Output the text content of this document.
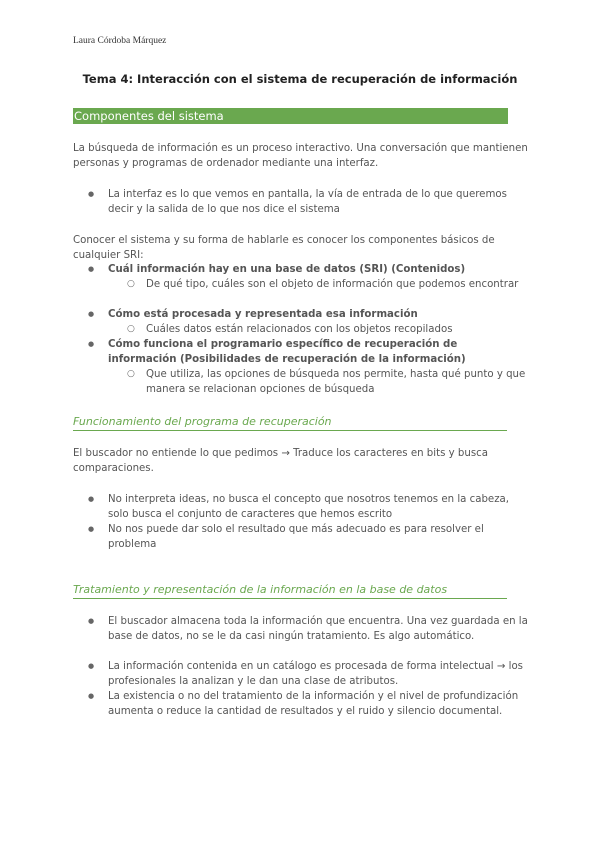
Laura Córdoba Márquez
Tema 4: Interacción con el sistema de recuperación de información
Componentes del sistema
La búsqueda de información es un proceso interactivo. Una conversación que mantienen personas y programas de ordenador mediante una interfaz.
● La interfaz es lo que vemos en pantalla, la vía de entrada de lo que queremos decir y la salida de lo que nos dice el sistema
Conocer el sistema y su forma de hablarle es conocer los componentes básicos de cualquier SRI:
● Cuál información hay en una base de datos (SRI) (Contenidos)
○ De qué tipo, cuáles son el objeto de información que podemos encontrar
● Cómo está procesada y representada esa información
○ Cuáles datos están relacionados con los objetos recopilados
● Cómo funciona el programario específico de recuperación de información (Posibilidades de recuperación de la información)
○ Que utiliza, las opciones de búsqueda nos permite, hasta qué punto y que manera se relacionan opciones de búsqueda
Funcionamiento del programa de recuperación
El buscador no entiende lo que pedimos → Traduce los caracteres en bits y busca comparaciones.
● No interpreta ideas, no busca el concepto que nosotros tenemos en la cabeza, solo busca el conjunto de caracteres que hemos escrito
● No nos puede dar solo el resultado que más adecuado es para resolver el problema
Tratamiento y representación de la información en la base de datos
● El buscador almacena toda la información que encuentra. Una vez guardada en la base de datos, no se le da casi ningún tratamiento. Es algo automático.
● La información contenida en un catálogo es procesada de forma intelectual → los profesionales la analizan y le dan una clase de atributos.
● La existencia o no del tratamiento de la información y el nivel de profundización aumenta o reduce la cantidad de resultados y el ruido y silencio documental.
